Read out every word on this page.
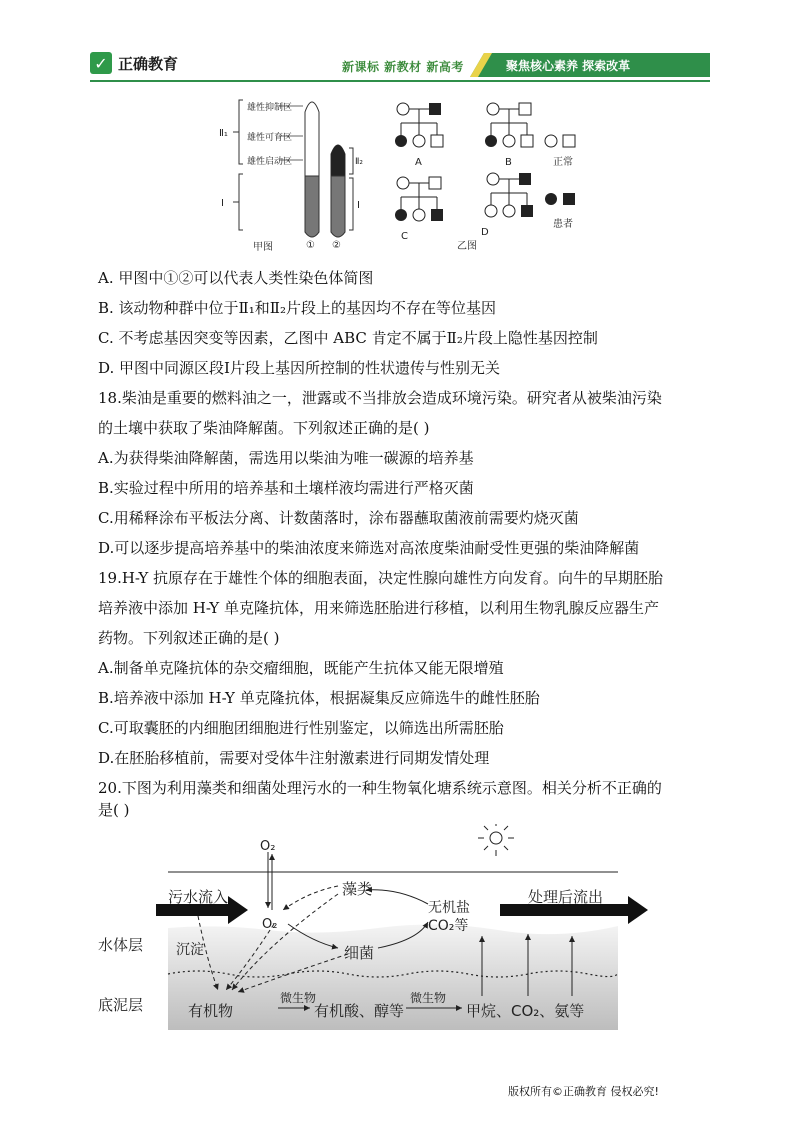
✓ 正确教育	新课标 新教材 新高考	聚焦核心素养 探索改革
Ⅱ₁
Ⅰ
雄性抑制区
雄性可育区
雄性启动区	Ⅱ₂
Ⅰ
① ②
甲图
A	B
C	D
正常
患者
乙图
A. 甲图中①②可以代表人类性染色体简图
B. 该动物种群中位于Ⅱ₁和Ⅱ₂片段上的基因均不存在等位基因
C. 不考虑基因突变等因素，乙图中 ABC 肯定不属于Ⅱ₂片段上隐性基因控制
D. 甲图中同源区段Ⅰ片段上基因所控制的性状遗传与性别无关
18.柴油是重要的燃料油之一，泄露或不当排放会造成环境污染。研究者从被柴油污染
的土壤中获取了柴油降解菌。下列叙述正确的是( )
A.为获得柴油降解菌，需选用以柴油为唯一碳源的培养基
B.实验过程中所用的培养基和土壤样液均需进行严格灭菌
C.用稀释涂布平板法分离、计数菌落时，涂布器蘸取菌液前需要灼烧灭菌
D.可以逐步提高培养基中的柴油浓度来筛选对高浓度柴油耐受性更强的柴油降解菌
19.H-Y 抗原存在于雄性个体的细胞表面，决定性腺向雄性方向发育。向牛的早期胚胎
培养液中添加 H-Y 单克隆抗体，用来筛选胚胎进行移植，以利用生物乳腺反应器生产
药物。下列叙述正确的是( )
A.制备单克隆抗体的杂交瘤细胞，既能产生抗体又能无限增殖
B.培养液中添加 H-Y 单克隆抗体，根据凝集反应筛选牛的雌性胚胎
C.可取囊胚的内细胞团细胞进行性别鉴定，以筛选出所需胚胎
D.在胚胎移植前，需要对受体牛注射激素进行同期发情处理
20.下图为利用藻类和细菌处理污水的一种生物氧化塘系统示意图。相关分析不正确的
是( )
O₂
污水流入	藻类
无机盐
CO₂等
处理后流出
O₂
水体层 沉淀	细菌
底泥层	有机物
微生物
有机酸、醇等
微生物
甲烷、CO₂、氨等
版权所有©正确教育 侵权必究!
